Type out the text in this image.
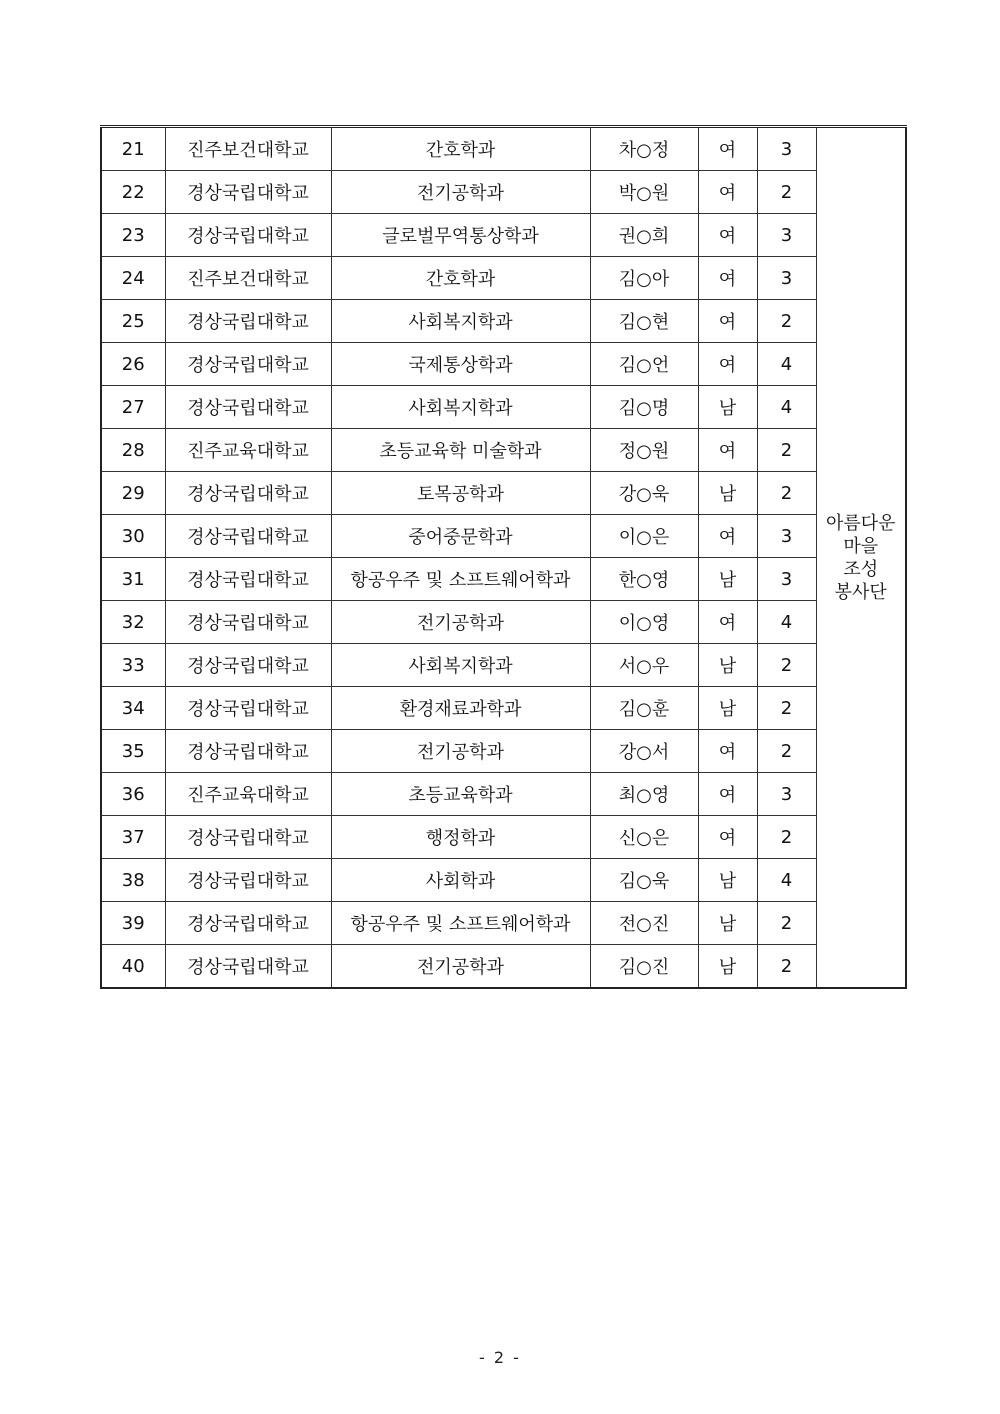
21	진주보건대학교	간호학과	차○정	여	3	아름다운
마을
조성
봉사단
22	경상국립대학교	전기공학과	박○원	여	2	
23	경상국립대학교	글로벌무역통상학과	권○희	여	3	
24	진주보건대학교	간호학과	김○아	여	3	
25	경상국립대학교	사회복지학과	김○현	여	2	
26	경상국립대학교	국제통상학과	김○언	여	4	
27	경상국립대학교	사회복지학과	김○명	남	4	
28	진주교육대학교	초등교육학 미술학과	정○원	여	2	
29	경상국립대학교	토목공학과	강○욱	남	2	
30	경상국립대학교	중어중문학과	이○은	여	3	
31	경상국립대학교	항공우주 및 소프트웨어학과	한○영	남	3	
32	경상국립대학교	전기공학과	이○영	여	4	
33	경상국립대학교	사회복지학과	서○우	남	2	
34	경상국립대학교	환경재료과학과	김○훈	남	2	
35	경상국립대학교	전기공학과	강○서	여	2	
36	진주교육대학교	초등교육학과	최○영	여	3	
37	경상국립대학교	행정학과	신○은	여	2	
38	경상국립대학교	사회학과	김○욱	남	4	
39	경상국립대학교	항공우주 및 소프트웨어학과	전○진	남	2	
40	경상국립대학교	전기공학과	김○진	남	2	
- 2 -
